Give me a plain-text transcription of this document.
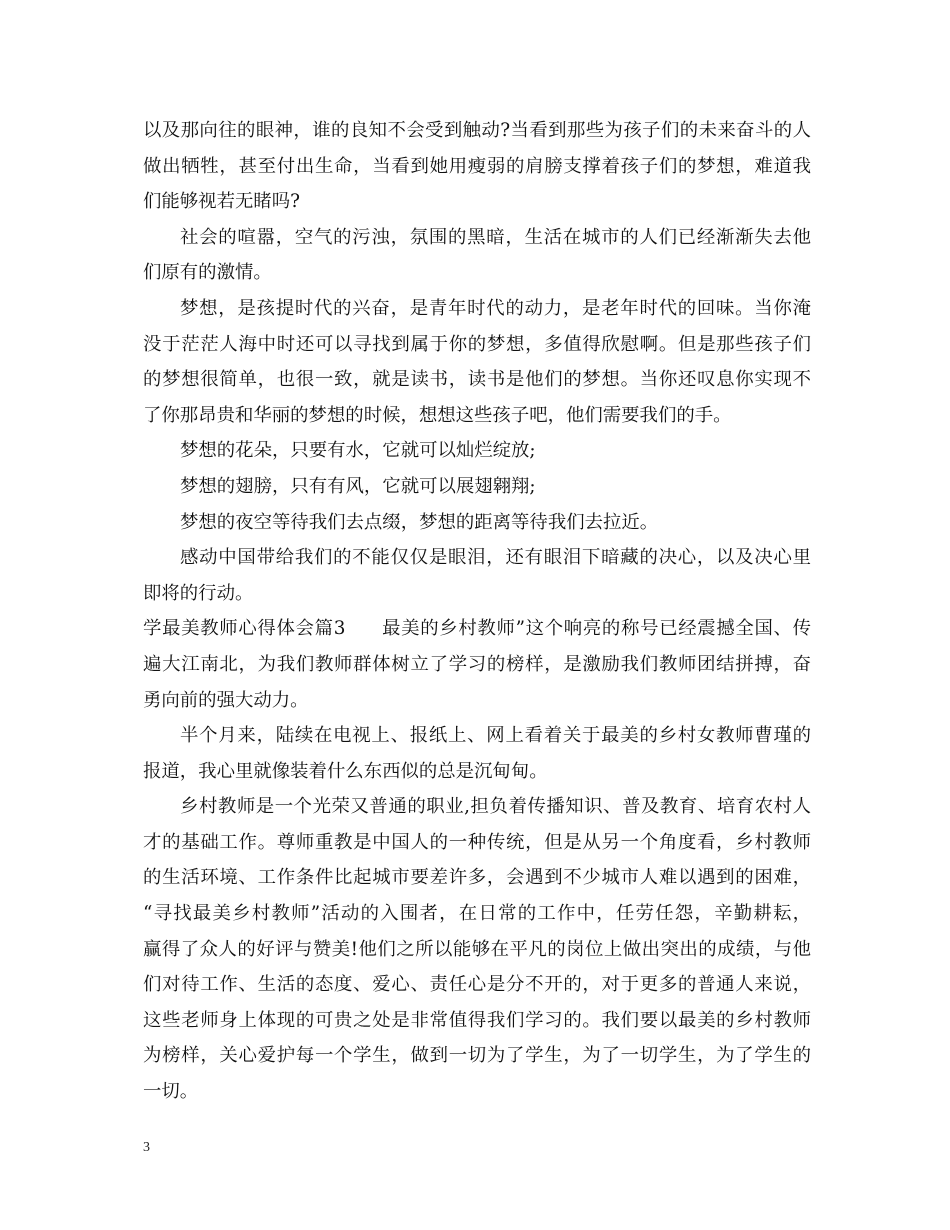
以及那向往的眼神，谁的良知不会受到触动?当看到那些为孩子们的未来奋斗的人
做出牺牲，甚至付出生命，当看到她用瘦弱的肩膀支撑着孩子们的梦想，难道我
们能够视若无睹吗?
社会的喧嚣，空气的污浊，氛围的黑暗，生活在城市的人们已经渐渐失去他
们原有的激情。
梦想，是孩提时代的兴奋，是青年时代的动力，是老年时代的回味。当你淹
没于茫茫人海中时还可以寻找到属于你的梦想，多值得欣慰啊。但是那些孩子们
的梦想很简单，也很一致，就是读书，读书是他们的梦想。当你还叹息你实现不
了你那昂贵和华丽的梦想的时候，想想这些孩子吧，他们需要我们的手。
梦想的花朵，只要有水，它就可以灿烂绽放;
梦想的翅膀，只有有风，它就可以展翅翱翔;
梦想的夜空等待我们去点缀，梦想的距离等待我们去拉近。
感动中国带给我们的不能仅仅是眼泪，还有眼泪下暗藏的决心，以及决心里
即将的行动。
学最美教师心得体会篇3 最美的乡村教师”这个响亮的称号已经震撼全国、传
遍大江南北，为我们教师群体树立了学习的榜样，是激励我们教师团结拼搏，奋
勇向前的强大动力。
半个月来，陆续在电视上、报纸上、网上看着关于最美的乡村女教师曹瑾的
报道，我心里就像装着什么东西似的总是沉甸甸。
乡村教师是一个光荣又普通的职业,担负着传播知识、普及教育、培育农村人
才的基础工作。尊师重教是中国人的一种传统，但是从另一个角度看，乡村教师
的生活环境、工作条件比起城市要差许多，会遇到不少城市人难以遇到的困难，
“寻找最美乡村教师”活动的入围者，在日常的工作中，任劳任怨，辛勤耕耘，
赢得了众人的好评与赞美!他们之所以能够在平凡的岗位上做出突出的成绩，与他
们对待工作、生活的态度、爱心、责任心是分不开的，对于更多的普通人来说，
这些老师身上体现的可贵之处是非常值得我们学习的。我们要以最美的乡村教师
为榜样，关心爱护每一个学生，做到一切为了学生，为了一切学生，为了学生的
一切。
3
